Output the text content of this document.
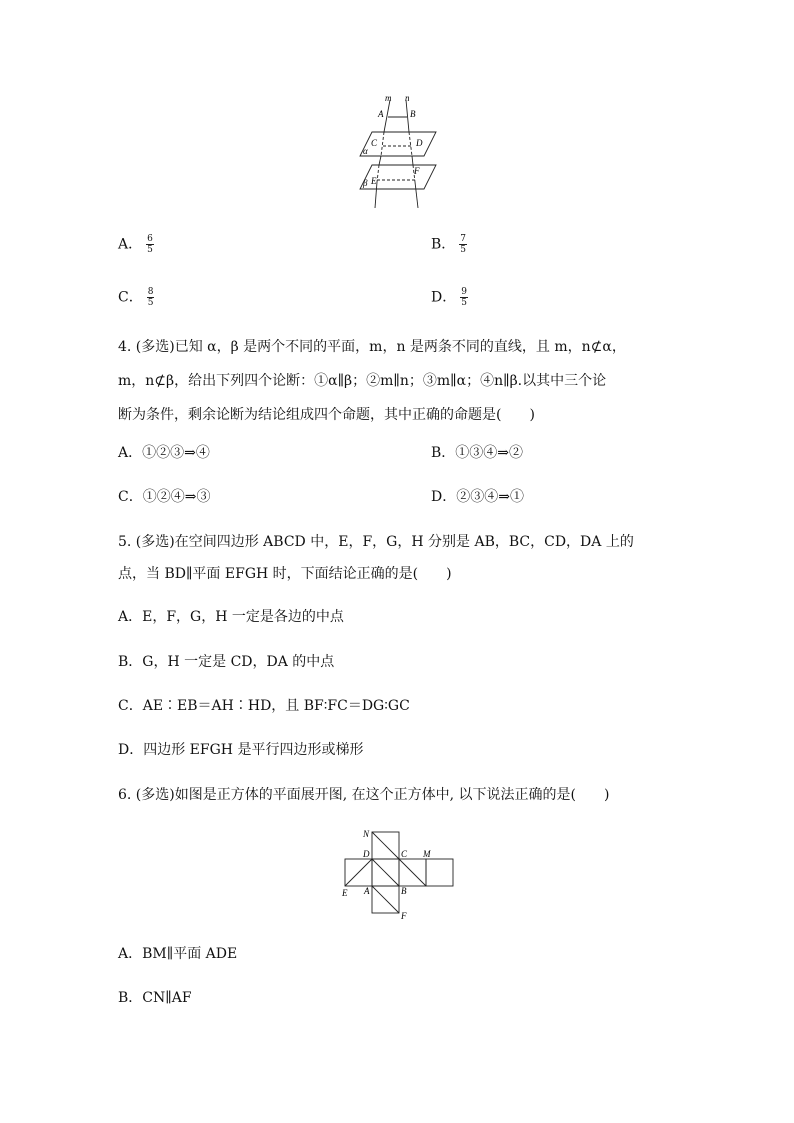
m n
A	B
C	D
α
β E
F
A． $\frac{6}{5}$	B． $\frac{7}{5}$
C． $\frac{8}{5}$	D． $\frac{9}{5}$
4. (多选)已知 α，β 是两个不同的平面，m，n 是两条不同的直线，且 m，n⊄α，
m，n⊄β，给出下列四个论断：①α∥β；②m∥n；③m∥α；④n∥β.以其中三个论
断为条件，剩余论断为结论组成四个命题，其中正确的命题是(　　)
A．①②③⇒④	B．①③④⇒②
C．①②④⇒③	D．②③④⇒①
5. (多选)在空间四边形 ABCD 中，E，F，G，H 分别是 AB，BC，CD，DA 上的
点，当 BD∥平面 EFGH 时，下面结论正确的是(　　)
A．E，F，G，H 一定是各边的中点
B．G，H 一定是 CD，DA 的中点
C．AE∶EB＝AH∶HD，且 BF∶FC＝DG∶GC
D．四边形 EFGH 是平行四边形或梯形
6. (多选)如图是正方体的平面展开图, 在这个正方体中, 以下说法正确的是(　　)
N
D	C M
E A	B
F
A．BM∥平面 ADE
B．CN∥AF
